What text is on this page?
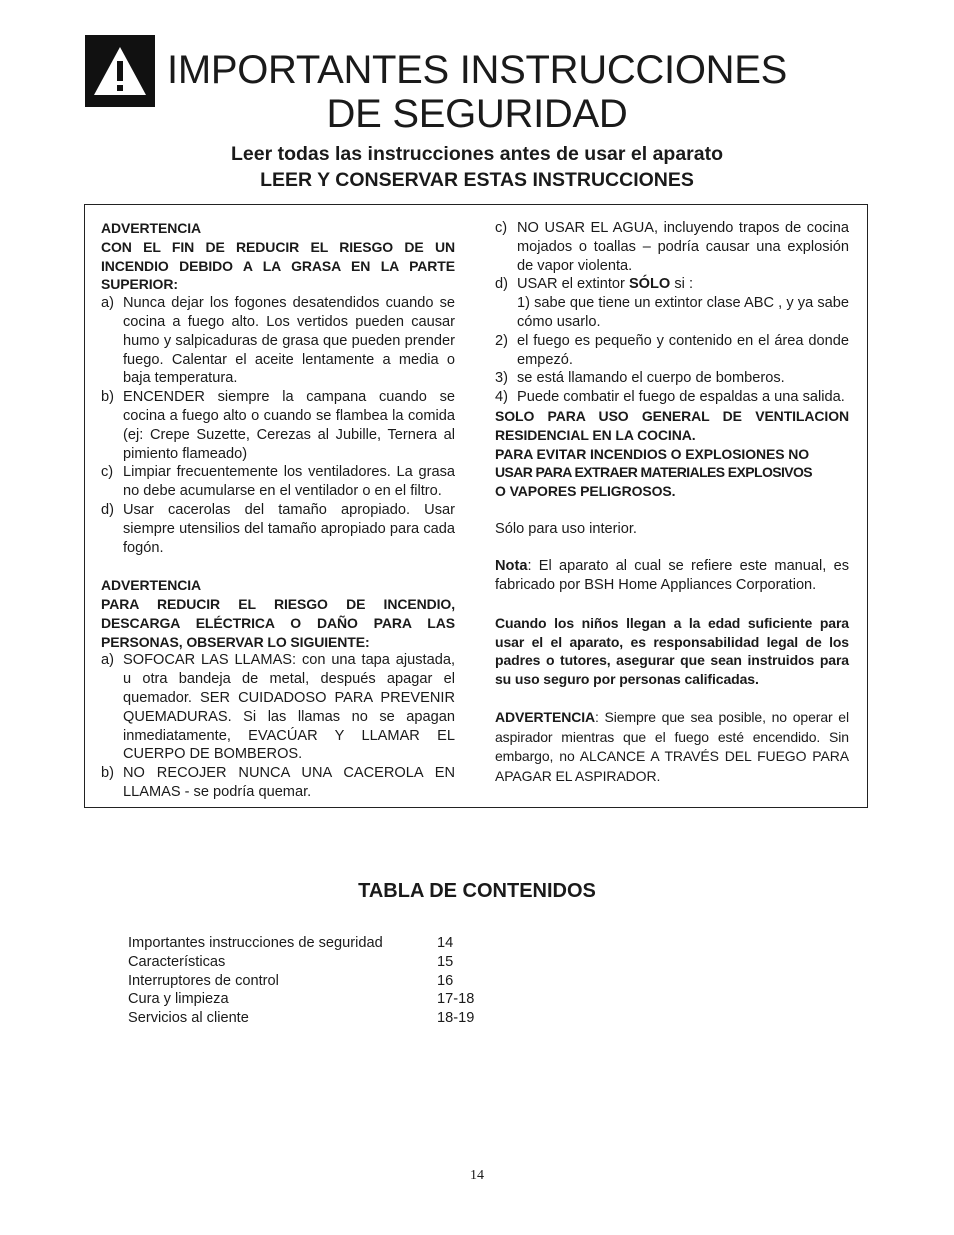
IMPORTANTES INSTRUCCIONES
DE SEGURIDAD
Leer todas las instrucciones antes de usar el aparato
LEER Y CONSERVAR ESTAS INSTRUCCIONES

ADVERTENCIA

CON EL FIN DE REDUCIR EL RIESGO DE UN INCENDIO DEBIDO A LA GRASA EN LA PARTE SUPERIOR:

a) Nunca dejar los fogones desatendidos cuando se cocina a fuego alto. Los vertidos pueden causar humo y salpicaduras de grasa que pueden prender fuego. Calentar el aceite lentamente a media o baja temperatura.
b) ENCENDER siempre la campana cuando se cocina a fuego alto o cuando se flambea la comida (ej: Crepe Suzette, Cerezas al Jubille, Ternera al pimiento flameado)
c) Limpiar frecuentemente los ventiladores. La grasa no debe acumularse en el ventilador o en el filtro.
d) Usar cacerolas del tamaño apropiado. Usar siempre utensilios del tamaño apropiado para cada fogón.

ADVERTENCIA

PARA REDUCIR EL RIESGO DE INCENDIO, DESCARGA ELÉCTRICA O DAÑO PARA LAS PERSONAS, OBSERVAR LO SIGUIENTE:

a) SOFOCAR LAS LLAMAS: con una tapa ajustada, u otra bandeja de metal, después apagar el quemador. SER CUIDADOSO PARA PREVENIR QUEMADURAS. Si las llamas no se apagan inmediatamente, EVACÚAR Y LLAMAR EL CUERPO DE BOMBEROS.
b) NO RECOJER NUNCA UNA CACEROLA EN LLAMAS - se podría quemar.
c) NO USAR EL AGUA, incluyendo trapos de cocina mojados o toallas – podría causar una explosión de vapor violenta.
d) USAR el extintor SÓLO si :
1) sabe que tiene un extintor clase ABC , y ya sabe cómo usarlo.
2) el fuego es pequeño y contenido en el área donde empezó.
3) se está llamando el cuerpo de bomberos.
4) Puede combatir el fuego de espaldas a una salida.

SOLO PARA USO GENERAL DE VENTILACION RESIDENCIAL EN LA COCINA.

PARA EVITAR INCENDIOS O EXPLOSIONES NO
USAR PARA EXTRAER MATERIALES EXPLOSIVOS
O VAPORES PELIGROSOS.

Sólo para uso interior.

Nota: El aparato al cual se refiere este manual, es fabricado por BSH Home Appliances Corporation.

Cuando los niños llegan a la edad suficiente para usar el el aparato, es responsabilidad legal de los padres o tutores, asegurar que sean instruidos para su uso seguro por personas calificadas.

ADVERTENCIA: Siempre que sea posible, no operar el aspirador mientras que el fuego esté encendido. Sin embargo, no ALCANCE A TRAVÉS DEL FUEGO PARA APAGAR EL ASPIRADOR.

TABLA DE CONTENIDOS
Importantes instrucciones de seguridad	14
Características	15
Interruptores de control	16
Cura y limpieza	17-18
Servicios al cliente	18-19
14
